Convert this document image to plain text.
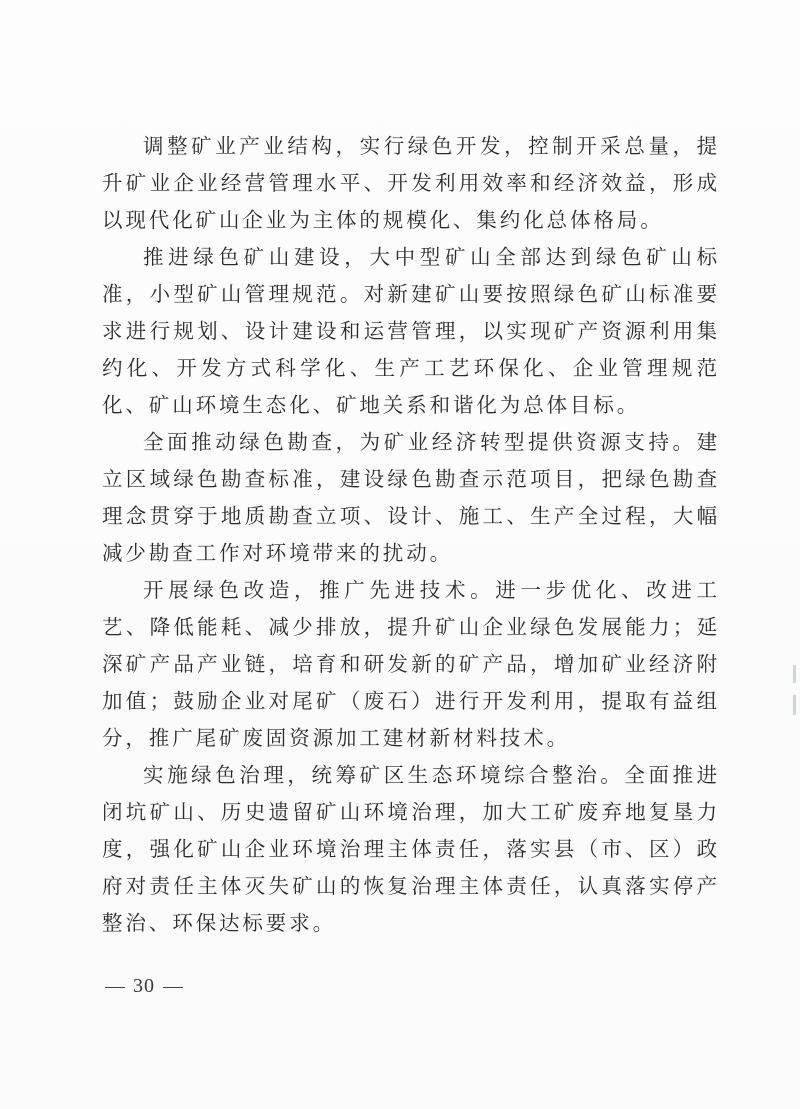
调整矿业产业结构，实行绿色开发，控制开采总量，提升矿业企业经营管理水平、开发利用效率和经济效益，形成以现代化矿山企业为主体的规模化、集约化总体格局。

推进绿色矿山建设，大中型矿山全部达到绿色矿山标准，小型矿山管理规范。对新建矿山要按照绿色矿山标准要求进行规划、设计建设和运营管理，以实现矿产资源利用集约化、开发方式科学化、生产工艺环保化、企业管理规范化、矿山环境生态化、矿地关系和谐化为总体目标。

全面推动绿色勘查，为矿业经济转型提供资源支持。建立区域绿色勘查标准，建设绿色勘查示范项目，把绿色勘查理念贯穿于地质勘查立项、设计、施工、生产全过程，大幅减少勘查工作对环境带来的扰动。

开展绿色改造，推广先进技术。进一步优化、改进工艺、降低能耗、减少排放，提升矿山企业绿色发展能力；延深矿产品产业链，培育和研发新的矿产品，增加矿业经济附加值；鼓励企业对尾矿（废石）进行开发利用，提取有益组分，推广尾矿废固资源加工建材新材料技术。

实施绿色治理，统筹矿区生态环境综合整治。全面推进闭坑矿山、历史遗留矿山环境治理，加大工矿废弃地复垦力度，强化矿山企业环境治理主体责任，落实县（市、区）政府对责任主体灭失矿山的恢复治理主体责任，认真落实停产整治、环保达标要求。

30
